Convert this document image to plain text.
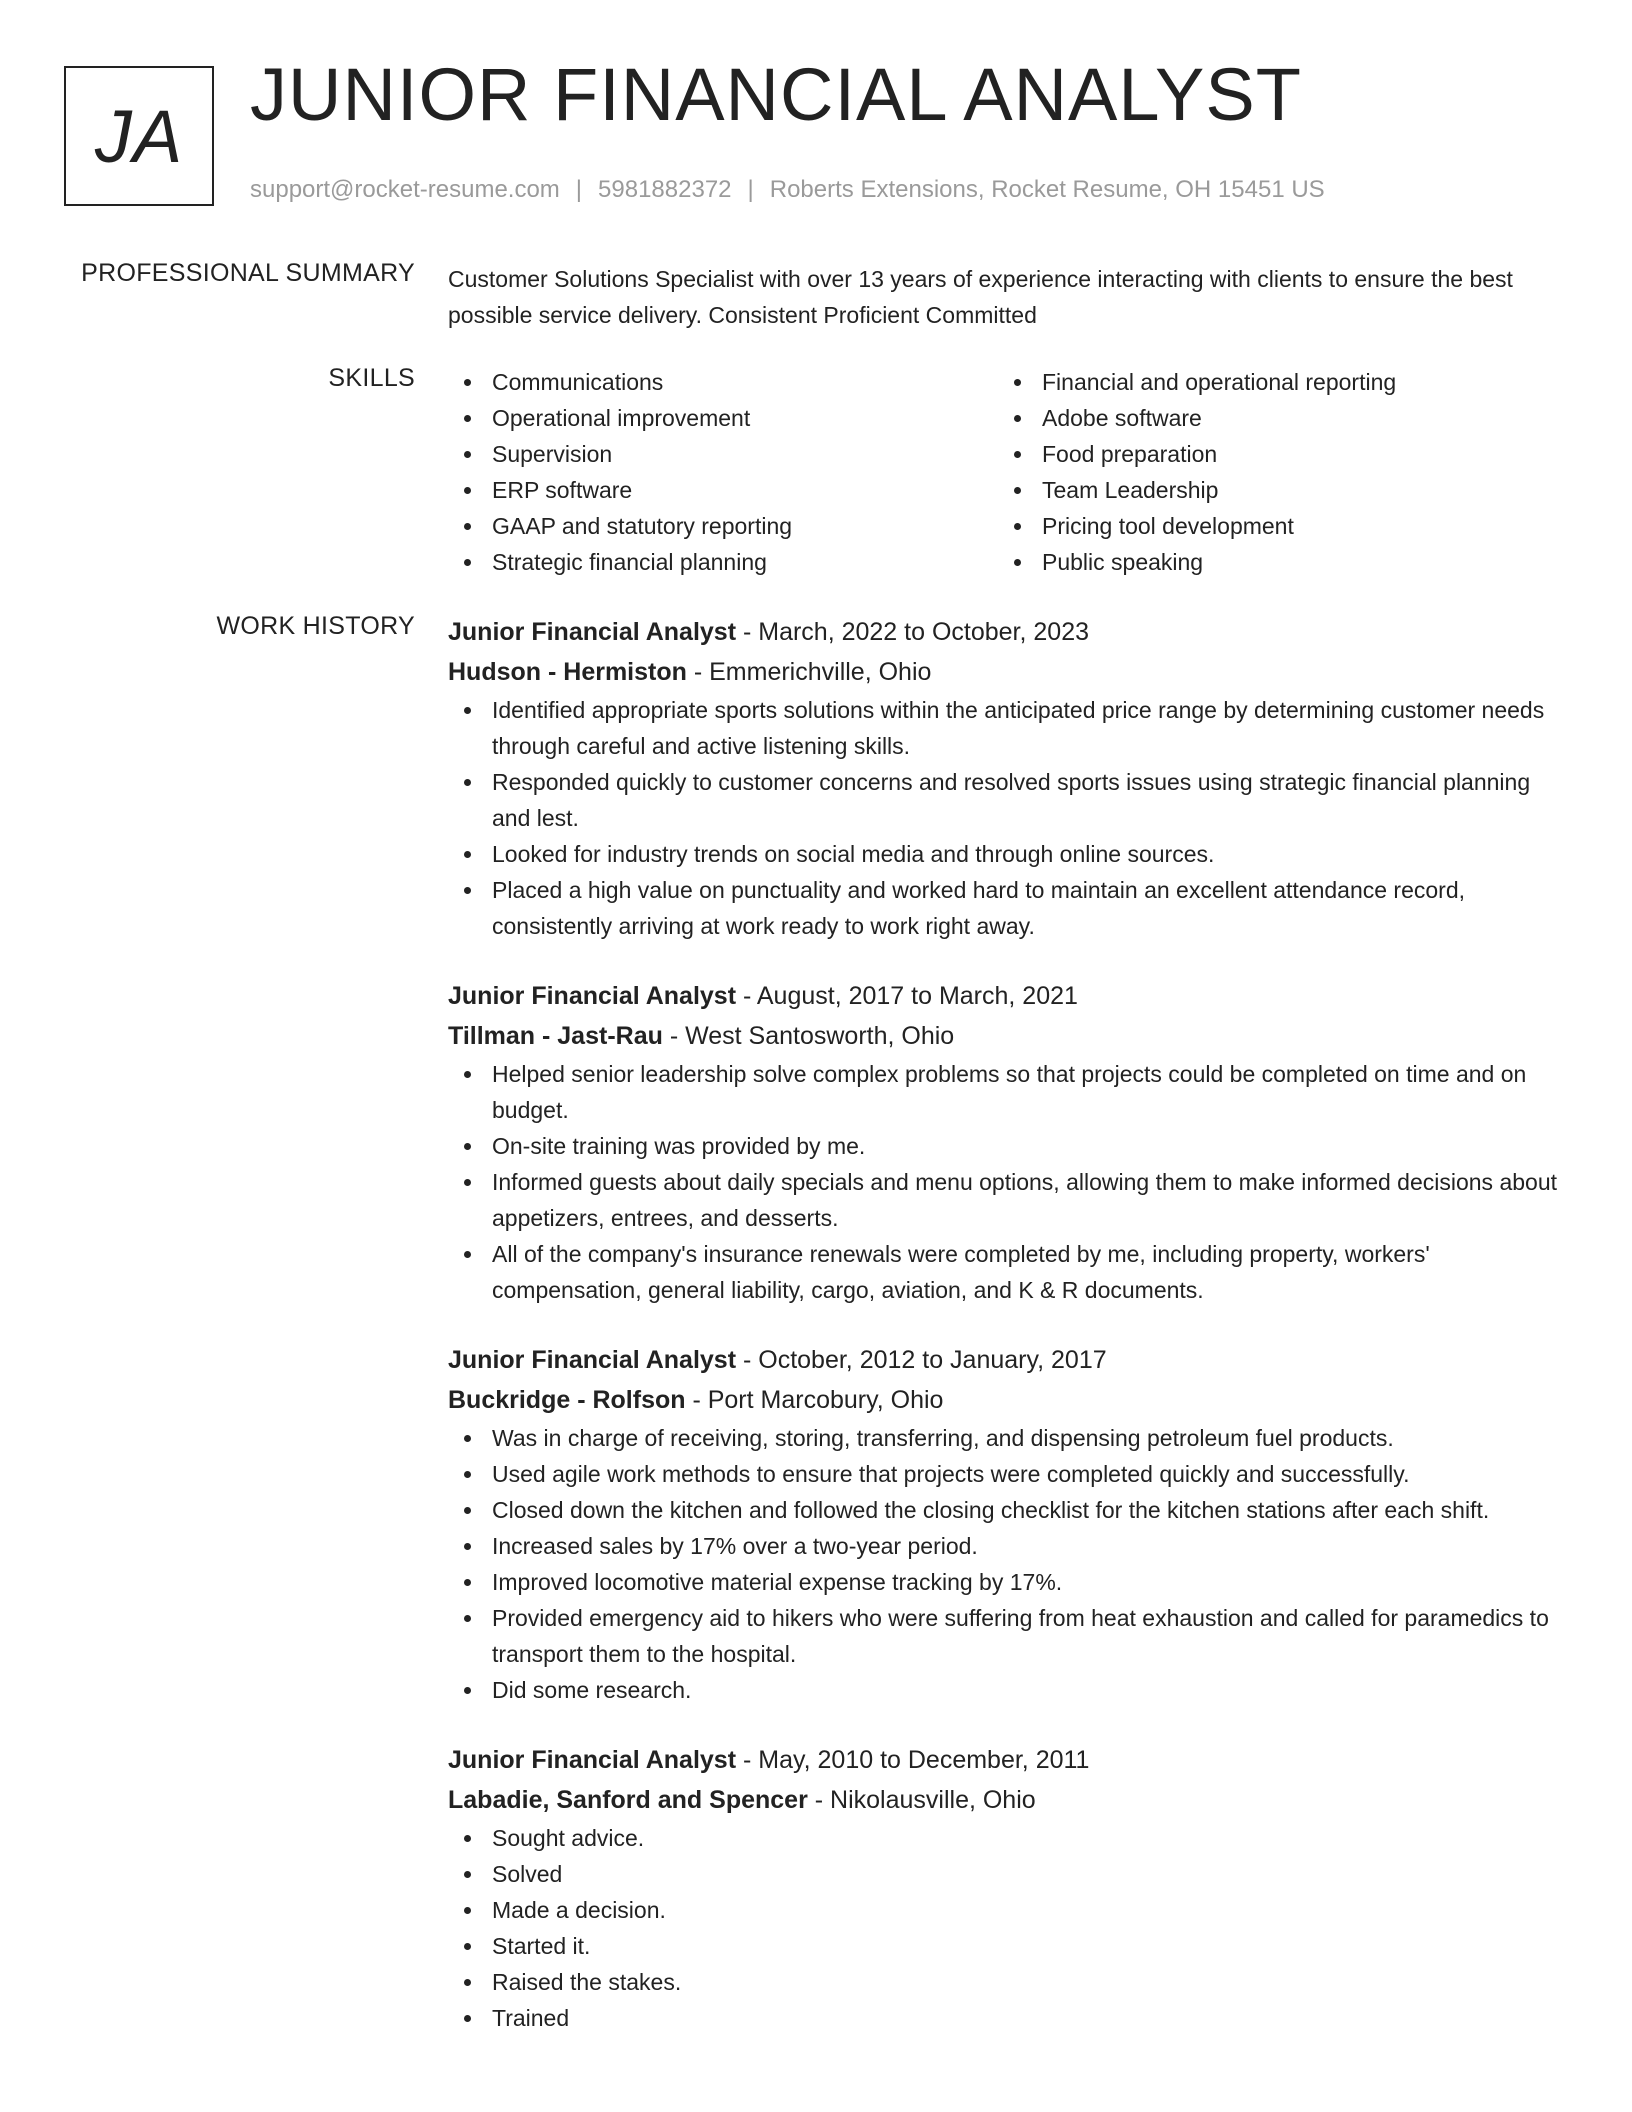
JA JUNIOR FINANCIAL ANALYST
support@rocket-resume.com | 5981882372 | Roberts Extensions, Rocket Resume, OH 15451 US
PROFESSIONAL SUMMARY Customer Solutions Specialist with over 13 years of experience interacting with clients to ensure the best possible service delivery. Consistent Proficient Committed

SKILLS	Communications
Operational improvement
Supervision
ERP software
GAAP and statutory reporting
Strategic financial planning
Financial and operational reporting
Adobe software
Food preparation
Team Leadership
Pricing tool development
Public speaking
WORK HISTORY Junior Financial Analyst - March, 2022 to October, 2023
Hudson - Hermiston - Emmerichville, Ohio
Identified appropriate sports solutions within the anticipated price range by determining customer needs through careful and active listening skills.
Responded quickly to customer concerns and resolved sports issues using strategic financial planning and lest.
Looked for industry trends on social media and through online sources.
Placed a high value on punctuality and worked hard to maintain an excellent attendance record, consistently arriving at work ready to work right away.
Junior Financial Analyst - August, 2017 to March, 2021
Tillman - Jast-Rau - West Santosworth, Ohio
Helped senior leadership solve complex problems so that projects could be completed on time and on budget.
On-site training was provided by me.
Informed guests about daily specials and menu options, allowing them to make informed decisions about appetizers, entrees, and desserts.
All of the company's insurance renewals were completed by me, including property, workers' compensation, general liability, cargo, aviation, and K & R documents.
Junior Financial Analyst - October, 2012 to January, 2017
Buckridge - Rolfson - Port Marcobury, Ohio
Was in charge of receiving, storing, transferring, and dispensing petroleum fuel products.
Used agile work methods to ensure that projects were completed quickly and successfully.
Closed down the kitchen and followed the closing checklist for the kitchen stations after each shift.
Increased sales by 17% over a two-year period.
Improved locomotive material expense tracking by 17%.
Provided emergency aid to hikers who were suffering from heat exhaustion and called for paramedics to transport them to the hospital.
Did some research.
Junior Financial Analyst - May, 2010 to December, 2011
Labadie, Sanford and Spencer - Nikolausville, Ohio
Sought advice.
Solved
Made a decision.
Started it.
Raised the stakes.
Trained
